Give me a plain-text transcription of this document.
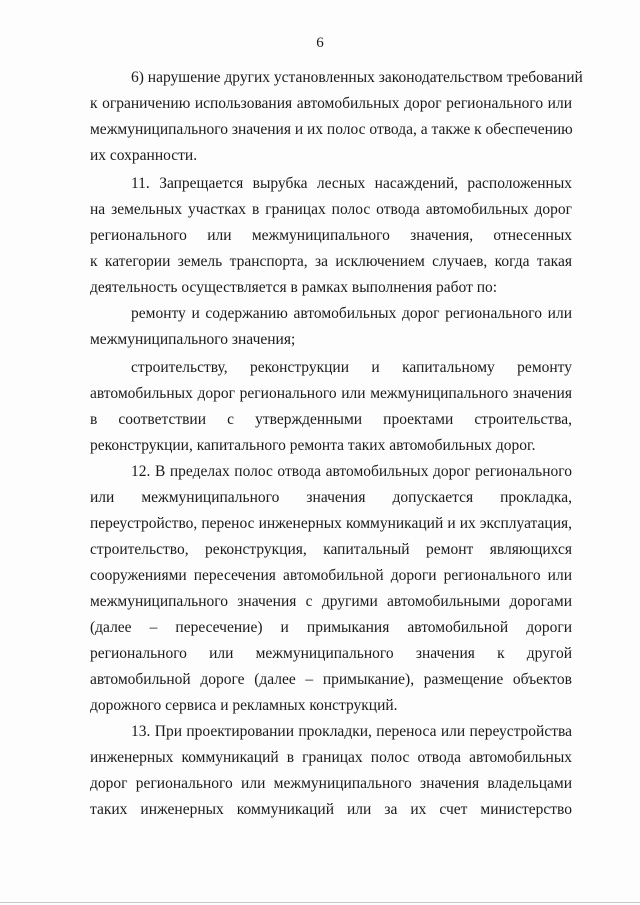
6
6) нарушение других установленных законодательством требований
к ограничению использования автомобильных дорог регионального или
межмуниципального значения и их полос отвода, а также к обеспечению
их сохранности.
11. Запрещается вырубка лесных насаждений, расположенных
на земельных участках в границах полос отвода автомобильных дорог
регионального или межмуниципального значения, отнесенных
к категории земель транспорта, за исключением случаев, когда такая
деятельность осуществляется в рамках выполнения работ по:
ремонту и содержанию автомобильных дорог регионального или
межмуниципального значения;
строительству, реконструкции и капитальному ремонту
автомобильных дорог регионального или межмуниципального значения
в соответствии с утвержденными проектами строительства,
реконструкции, капитального ремонта таких автомобильных дорог.
12. В пределах полос отвода автомобильных дорог регионального
или межмуниципального значения допускается прокладка,
переустройство, перенос инженерных коммуникаций и их эксплуатация,
строительство, реконструкция, капитальный ремонт являющихся
сооружениями пересечения автомобильной дороги регионального или
межмуниципального значения с другими автомобильными дорогами
(далее – пересечение) и примыкания автомобильной дороги
регионального или межмуниципального значения к другой
автомобильной дороге (далее – примыкание), размещение объектов
дорожного сервиса и рекламных конструкций.
13. При проектировании прокладки, переноса или переустройства
инженерных коммуникаций в границах полос отвода автомобильных
дорог регионального или межмуниципального значения владельцами
таких инженерных коммуникаций или за их счет министерство
